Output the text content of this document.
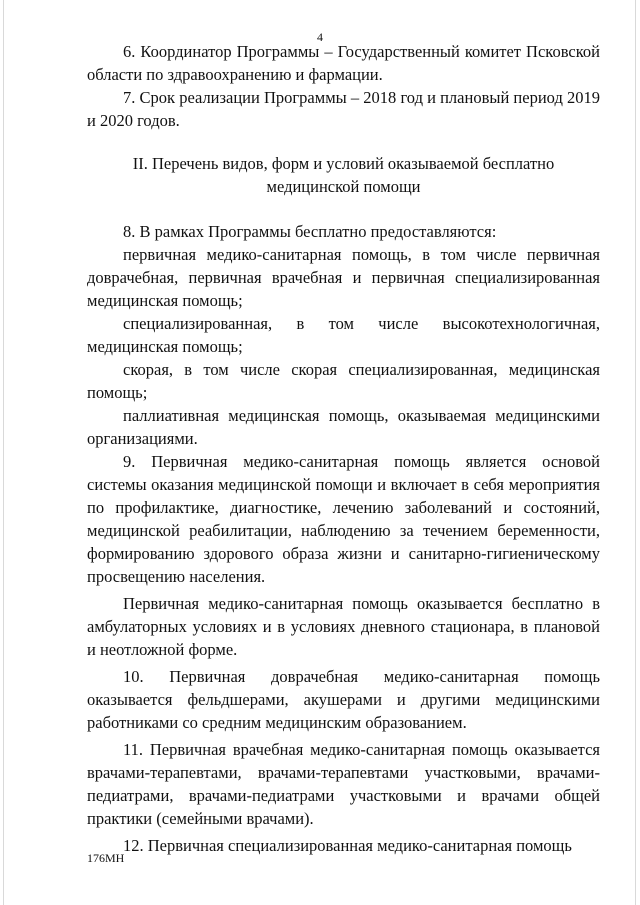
4

6. Координатор Программы – Государственный комитет Псковской области по здравоохранению и фармации.

7. Срок реализации Программы – 2018 год и плановый период 2019 и 2020 годов.

II. Перечень видов, форм и условий оказываемой бесплатно медицинской помощи

8. В рамках Программы бесплатно предоставляются:

первичная медико-санитарная помощь, в том числе первичная доврачебная, первичная врачебная и первичная специализированная медицинская помощь;

специализированная, в том числе высокотехнологичная, медицинская помощь;

скорая, в том числе скорая специализированная, медицинская помощь;

паллиативная медицинская помощь, оказываемая медицинскими организациями.

9. Первичная медико-санитарная помощь является основой системы оказания медицинской помощи и включает в себя мероприятия по профилактике, диагностике, лечению заболеваний и состояний, медицинской реабилитации, наблюдению за течением беременности, формированию здорового образа жизни и санитарно-гигиеническому просвещению населения.

Первичная медико-санитарная помощь оказывается бесплатно в амбулаторных условиях и в условиях дневного стационара, в плановой и неотложной форме.

10. Первичная доврачебная медико-санитарная помощь оказывается фельдшерами, акушерами и другими медицинскими работниками со средним медицинским образованием.

11. Первичная врачебная медико-санитарная помощь оказывается врачами-терапевтами, врачами-терапевтами участковыми, врачами-педиатрами, врачами-педиатрами участковыми и врачами общей практики (семейными врачами).

12. Первичная специализированная медико-санитарная помощь

176МН
